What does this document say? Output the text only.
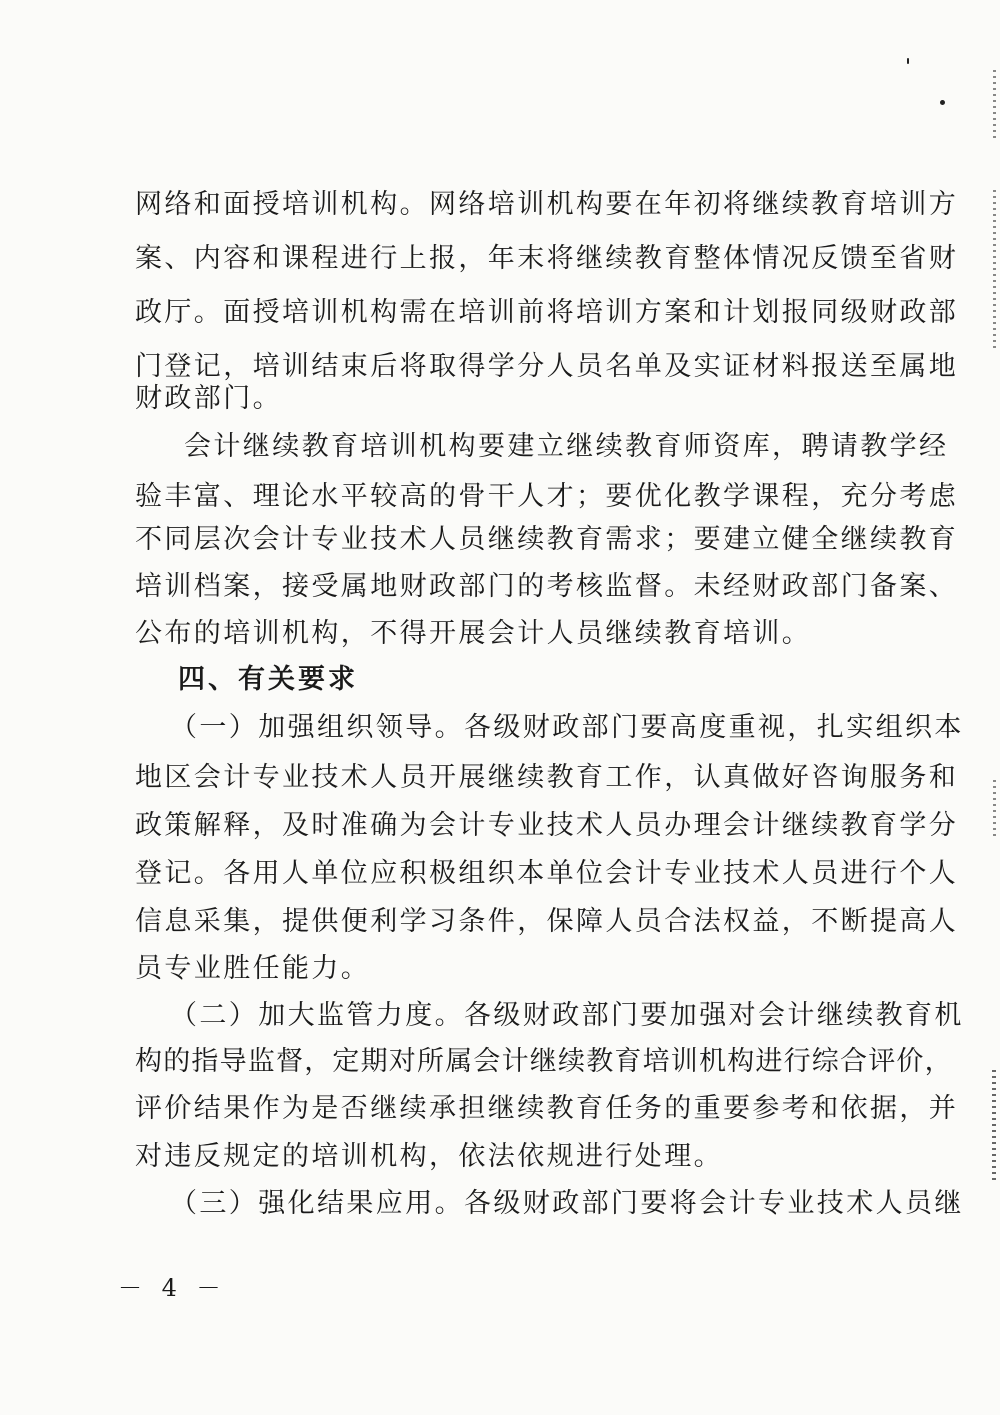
网络和面授培训机构。网络培训机构要在年初将继续教育培训方
案、内容和课程进行上报，年末将继续教育整体情况反馈至省财
政厅。面授培训机构需在培训前将培训方案和计划报同级财政部
门登记，培训结束后将取得学分人员名单及实证材料报送至属地
财政部门。
会计继续教育培训机构要建立继续教育师资库，聘请教学经
验丰富、理论水平较高的骨干人才；要优化教学课程，充分考虑
不同层次会计专业技术人员继续教育需求；要建立健全继续教育
培训档案，接受属地财政部门的考核监督。未经财政部门备案、
公布的培训机构，不得开展会计人员继续教育培训。
四、有关要求
（一）加强组织领导。各级财政部门要高度重视，扎实组织本
地区会计专业技术人员开展继续教育工作，认真做好咨询服务和
政策解释，及时准确为会计专业技术人员办理会计继续教育学分
登记。各用人单位应积极组织本单位会计专业技术人员进行个人
信息采集，提供便利学习条件，保障人员合法权益，不断提高人
员专业胜任能力。
（二）加大监管力度。各级财政部门要加强对会计继续教育机
构的指导监督，定期对所属会计继续教育培训机构进行综合评价，
评价结果作为是否继续承担继续教育任务的重要参考和依据，并
对违反规定的培训机构，依法依规进行处理。
（三）强化结果应用。各级财政部门要将会计专业技术人员继
－ 4 －
